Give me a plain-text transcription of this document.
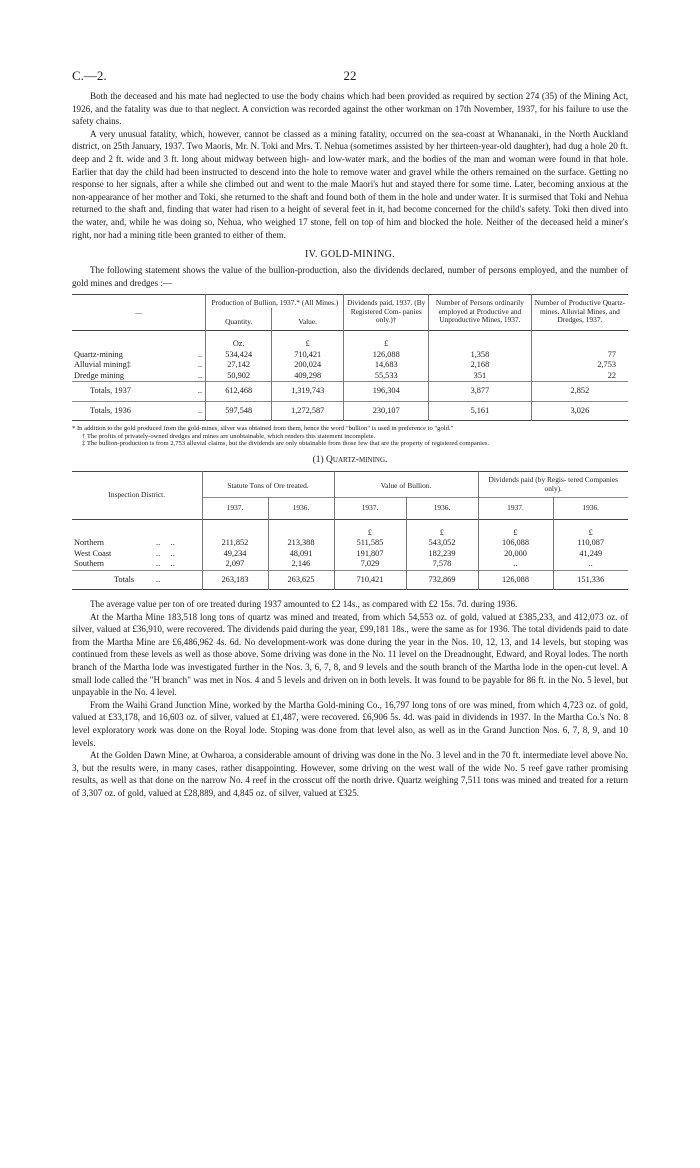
C.—2.	22

Both the deceased and his mate had neglected to use the body chains which had been provided as required by section 274 (35) of the Mining Act, 1926, and the fatality was due to that neglect. A conviction was recorded against the other workman on 17th November, 1937, for his failure to use the safety chains.

A very unusual fatality, which, however, cannot be classed as a mining fatality, occurred on the sea-coast at Whananaki, in the North Auckland district, on 25th January, 1937. Two Maoris, Mr. N. Toki and Mrs. T. Nehua (sometimes assisted by her thirteen-year-old daughter), had dug a hole 20 ft. deep and 2 ft. wide and 3 ft. long about midway between high- and low-water mark, and the bodies of the man and woman were found in that hole. Earlier that day the child had been instructed to descend into the hole to remove water and gravel while the others remained on the surface. Getting no response to her signals, after a while she climbed out and went to the male Maori's hut and stayed there for some time. Later, becoming anxious at the non-appearance of her mother and Toki, she returned to the shaft and found both of them in the hole and under water. It is surmised that Toki and Nehua returned to the shaft and, finding that water had risen to a height of several feet in it, had become concerned for the child's safety. Toki then dived into the water, and, while he was doing so, Nehua, who weighed 17 stone, fell on top of him and blocked the hole. Neither of the deceased held a miner's right, nor had a mining title been granted to either of them.

IV. GOLD-MINING.

The following statement shows the value of the bullion-production, also the dividends declared, number of persons employed, and the number of gold mines and dredges :—

—		Production of Bullion, 1937.* (All Mines.)		Dividends paid, 1937. (By Registered Com- panies only.)†	Number of Persons ordinarily employed at Productive and Unproductive Mines, 1937.	Number of Productive Quartz- mines, Alluvial Mines, and Dredges, 1937.
		Quantity.	Value.			
		Oz.	£	£		
Quartz-mining	..	534,424	710,421	126,088	1,358	77
Alluvial mining‡	..	27,142	200,024	14,683	2,168	2,753
Dredge mining	..	50,902	409,298	55,533	351	22
Totals, 1937	..	612,468	1,319,743	196,304	3,877	2,852
Totals, 1936	..	597,548	1,272,587	230,107	5,161	3,026
* In addition to the gold produced from the gold-mines, silver was obtained from them, hence the word "bullion" is used in preference to "gold."
† The profits of privately-owned dredges and mines are unobtainable, which renders this statement incomplete.
‡ The bullion-production is from 2,753 alluvial claims, but the dividends are only obtainable from those few that are the property of registered companies.
(1) Quartz-mining.
Inspection District.		Statute Tons of Ore treated.		Value of Bullion.		Dividends paid (by Regis- tered Companies only).	
		1937.	1936.	1937.	1936.	1937.	1936.
				£	£	£	£
Northern	..     ..	211,852	213,388	511,585	543,052	106,088	110,087
West Coast	..     ..	49,234	48,091	191,807	182,239	20,000	41,249
Southern	..     ..	2,097	2,146	7,029	7,578	..	..
Totals	..	263,183	263,625	710,421	732,869	126,088	151,336

The average value per ton of ore treated during 1937 amounted to £2 14s., as compared with £2 15s. 7d. during 1936.

At the Martha Mine 183,518 long tons of quartz was mined and treated, from which 54,553 oz. of gold, valued at £385,233, and 412,073 oz. of silver, valued at £36,910, were recovered. The dividends paid during the year, £99,181 18s., were the same as for 1936. The total dividends paid to date from the Martha Mine are £6,486,962 4s. 6d. No development-work was done during the year in the Nos. 10, 12, 13, and 14 levels, but stoping was continued from these levels as well as those above. Some driving was done in the No. 11 level on the Dreadnought, Edward, and Royal lodes. The north branch of the Martha lode was investigated further in the Nos. 3, 6, 7, 8, and 9 levels and the south branch of the Martha lode in the open-cut level. A small lode called the "H branch" was met in Nos. 4 and 5 levels and driven on in both levels. It was found to be payable for 86 ft. in the No. 5 level, but unpayable in the No. 4 level.

From the Waihi Grand Junction Mine, worked by the Martha Gold-mining Co., 16,797 long tons of ore was mined, from which 4,723 oz. of gold, valued at £33,178, and 16,603 oz. of silver, valued at £1,487, were recovered. £6,906 5s. 4d. was paid in dividends in 1937. In the Martha Co.'s No. 8 level exploratory work was done on the Royal lode. Stoping was done from that level also, as well as in the Grand Junction Nos. 6, 7, 8, 9, and 10 levels.

At the Golden Dawn Mine, at Owharoa, a considerable amount of driving was done in the No. 3 level and in the 70 ft. intermediate level above No. 3, but the results were, in many cases, rather disappointing. However, some driving on the west wall of the wide No. 5 reef gave rather promising results, as well as that done on the narrow No. 4 reef in the crosscut off the north drive. Quartz weighing 7,511 tons was mined and treated for a return of 3,307 oz. of gold, valued at £28,889, and 4,845 oz. of silver, valued at £325.
